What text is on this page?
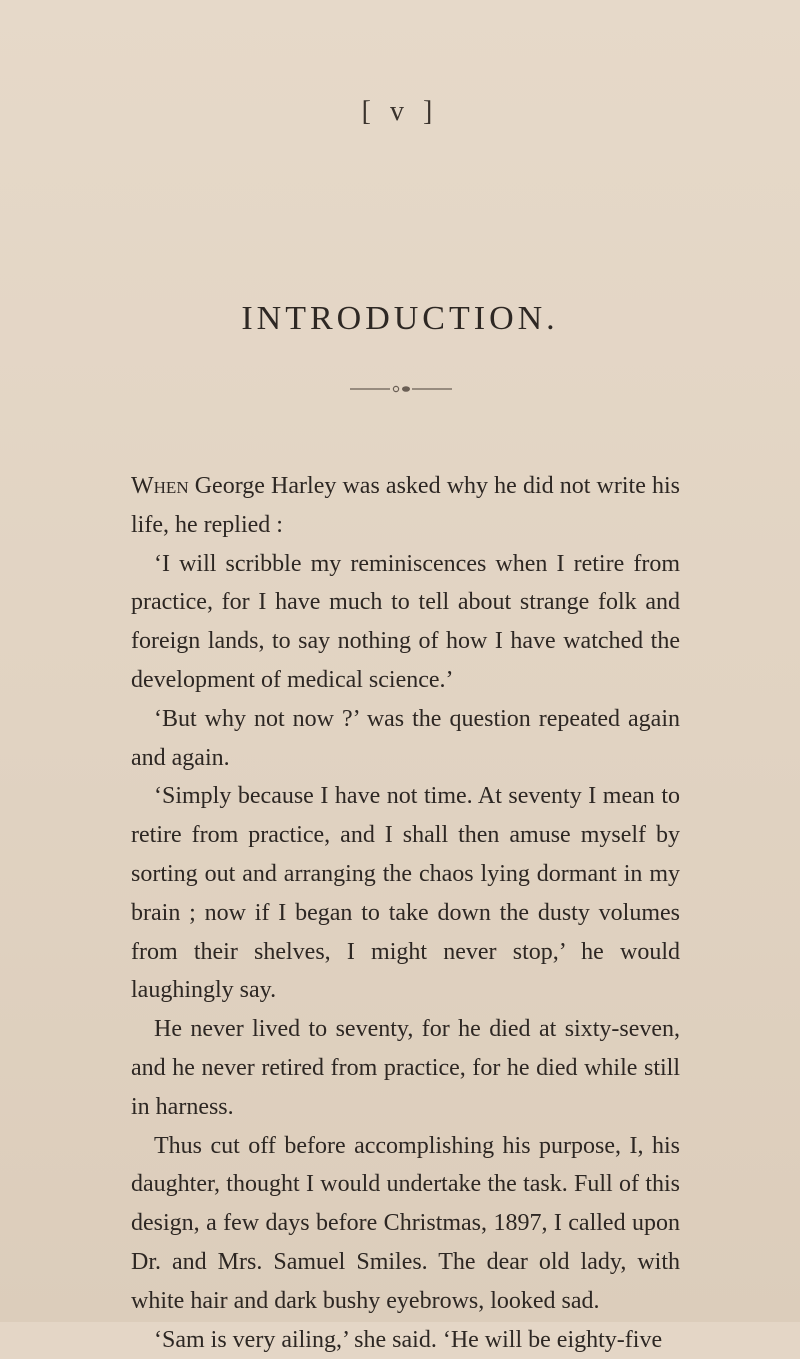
[ v ]
INTRODUCTION.

When George Harley was asked why he did not write his life, he replied :

‘I will scribble my reminiscences when I retire from practice, for I have much to tell about strange folk and foreign lands, to say nothing of how I have watched the development of medical science.’

‘But why not now ?’ was the question repeated again and again.

‘Simply because I have not time. At seventy I mean to retire from practice, and I shall then amuse myself by sorting out and arranging the chaos lying dormant in my brain ; now if I began to take down the dusty volumes from their shelves, I might never stop,’ he would laughingly say.

He never lived to seventy, for he died at sixty-seven, and he never retired from practice, for he died while still in harness.

Thus cut off before accomplishing his purpose, I, his daughter, thought I would undertake the task. Full of this design, a few days before Christmas, 1897, I called upon Dr. and Mrs. Samuel Smiles. The dear old lady, with white hair and dark bushy eyebrows, looked sad.

‘Sam is very ailing,’ she said. ‘He will be eighty-five
